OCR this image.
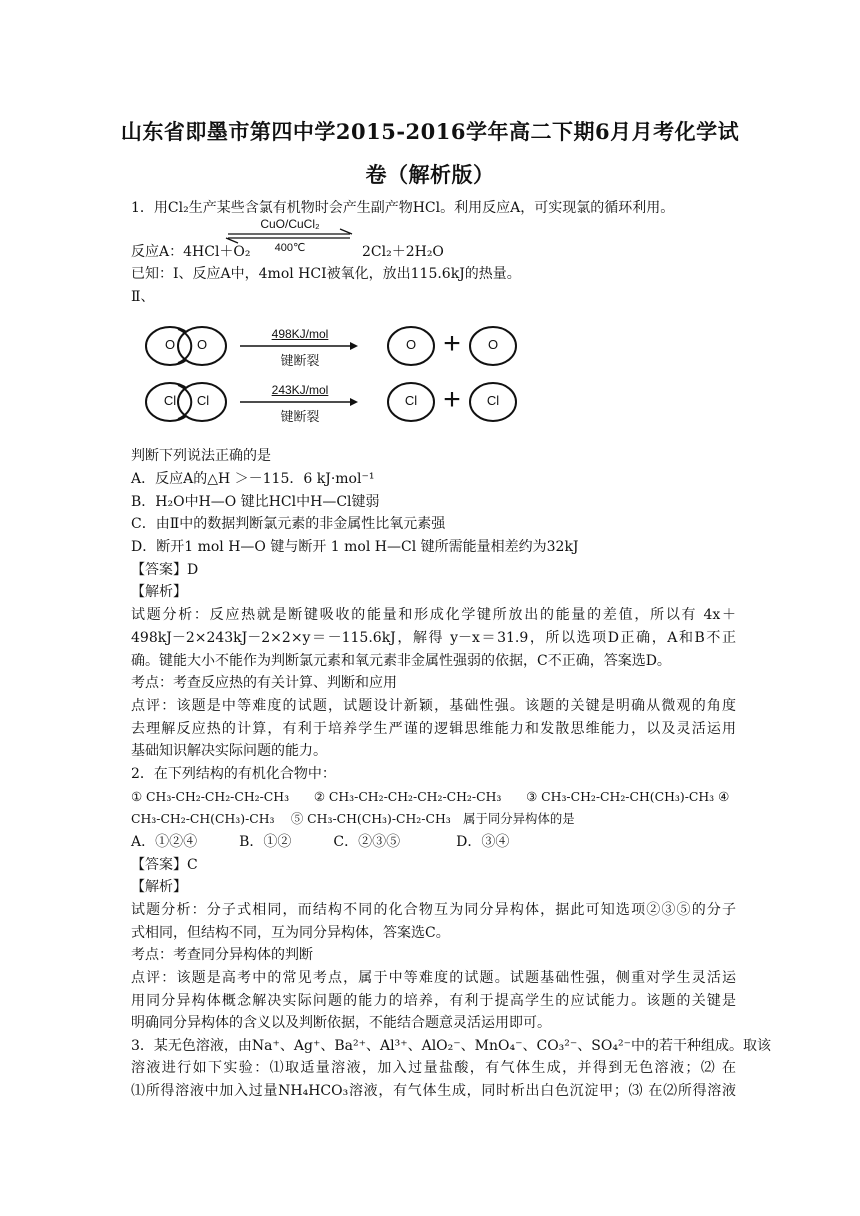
山东省即墨市第四中学2015-2016学年高二下期6月月考化学试
卷（解析版）
1．用Cl₂生产某些含氯有机物时会产生副产物HCl。利用反应A，可实现氯的循环利用。
CuO/CuCl₂
400℃
反应A：4HCl＋O₂	2Cl₂＋2H₂O
已知：Ⅰ、反应A中，4mol HCI被氧化，放出115.6kJ的热量。
Ⅱ、
O	O
498KJ/mol
键断裂
O +	O
Cl	Cl
243KJ/mol
键断裂
Cl +	Cl
判断下列说法正确的是
A．反应A的△H ＞－115．6 kJ·mol⁻¹
B．H₂O中H—O 键比HCl中H—Cl键弱
C．由Ⅱ中的数据判断氯元素的非金属性比氧元素强
D．断开1 mol H—O 键与断开 1 mol H—Cl 键所需能量相差约为32kJ
【答案】D
【解析】
试题分析：反应热就是断键吸收的能量和形成化学键所放出的能量的差值，所以有 4x＋
498kJ－2×243kJ－2×2×y＝－115.6kJ，解得 y－x＝31.9，所以选项D正确，A和B不正
确。键能大小不能作为判断氯元素和氧元素非金属性强弱的依据，C不正确，答案选D。
考点：考查反应热的有关计算、判断和应用
点评：该题是中等难度的试题，试题设计新颖，基础性强。该题的关键是明确从微观的角度
去理解反应热的计算，有利于培养学生严谨的逻辑思维能力和发散思维能力，以及灵活运用
基础知识解决实际问题的能力。
2．在下列结构的有机化合物中：
① CH₃-CH₂-CH₂-CH₂-CH₃　　② CH₃-CH₂-CH₂-CH₂-CH₂-CH₃　　③ CH₃-CH₂-CH₂-CH(CH₃)-CH₃ ④
CH₃-CH₂-CH(CH₃)-CH₃　 ⑤ CH₃-CH(CH₃)-CH₂-CH₃　属于同分异构体的是
A．①②④　　　B．①②　　　C．②③⑤　　　　D．③④
【答案】C
【解析】
试题分析：分子式相同，而结构不同的化合物互为同分异构体，据此可知选项②③⑤的分子
式相同，但结构不同，互为同分异构体，答案选C。
考点：考查同分异构体的判断
点评：该题是高考中的常见考点，属于中等难度的试题。试题基础性强，侧重对学生灵活运
用同分异构体概念解决实际问题的能力的培养，有利于提高学生的应试能力。该题的关键是
明确同分异构体的含义以及判断依据，不能结合题意灵活运用即可。
3．某无色溶液，由Na⁺、Ag⁺、Ba²⁺、Al³⁺、AlO₂⁻、MnO₄⁻、CO₃²⁻、SO₄²⁻中的若干种组成。取该
溶液进行如下实验：⑴取适量溶液，加入过量盐酸，有气体生成，并得到无色溶液；⑵ 在
⑴所得溶液中加入过量NH₄HCO₃溶液，有气体生成，同时析出白色沉淀甲；⑶ 在⑵所得溶液
